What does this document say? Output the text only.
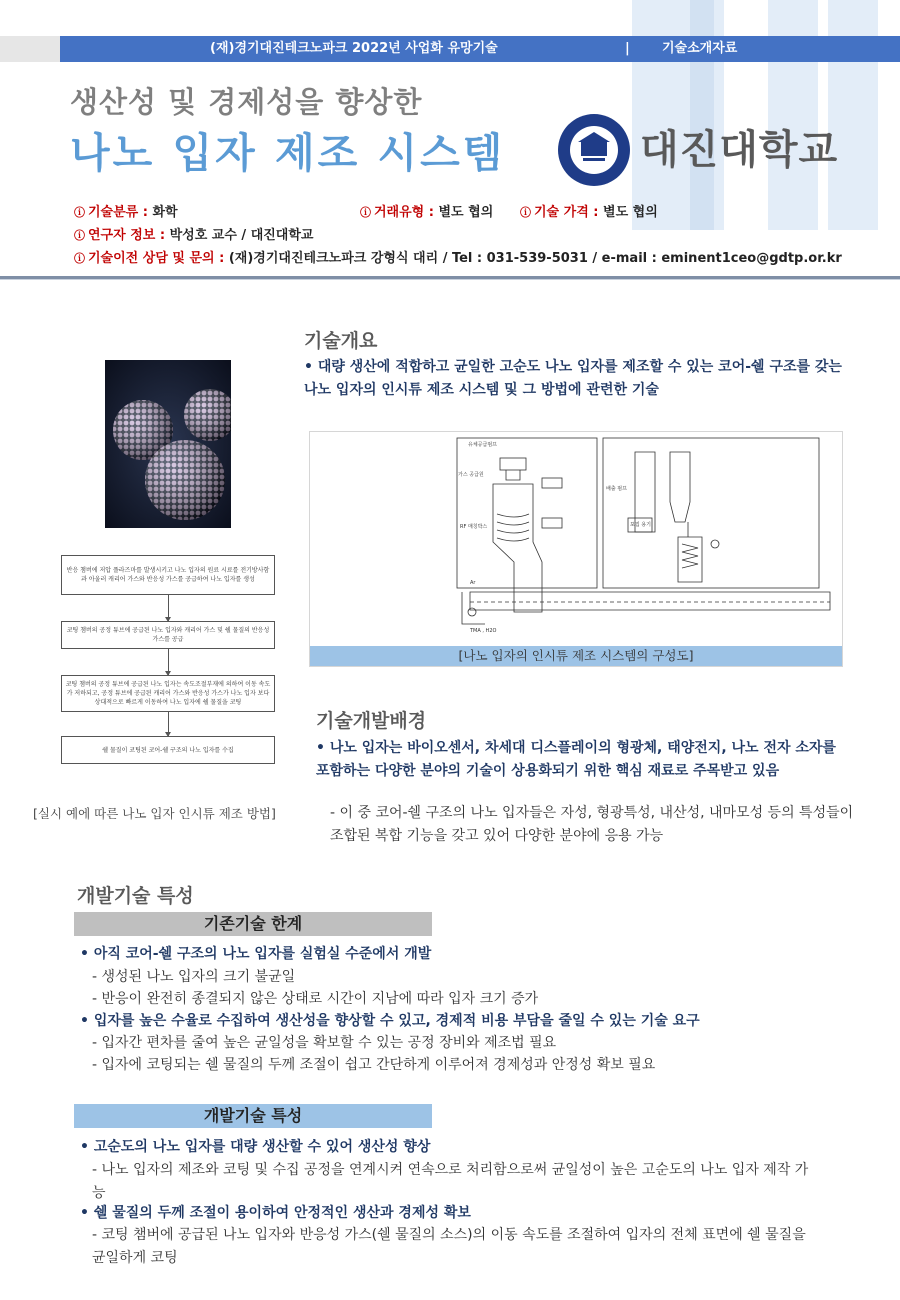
(재)경기대진테크노파크 2022년 사업화 유망기술	| 기술소개자료
생산성 및 경제성을 향상한
나노 입자 제조 시스템	대진대학교
ⓘ 기술분류 : 화학	ⓘ 거래유형 : 별도 협의 ⓘ 기술 가격 : 별도 협의
ⓘ 연구자 정보 : 박성호 교수 / 대진대학교
ⓘ 기술이전 상담 및 문의 : (재)경기대진테크노파크 강형식 대리 / Tel : 031-539-5031 / e-mail : eminent1ceo@gdtp.or.kr
반응 챔버에 저압 플라즈마를 발생시키고 나노 입자의 원료 시료를 전기방사함과 아울러 캐리어 가스와 반응성 가스를 공급하여 나노 입자를 생성
코팅 챔버의 공정 튜브에 공급된 나노 입자와 캐리어 가스 및 쉘 물질의 반응성 가스를 공급
코팅 챔버의 공정 튜브에 공급된 나노 입자는 속도조절부재에 의하여 이동 속도가 저하되고, 공정 튜브에 공급된 캐리어 가스와 반응성 가스가 나노 입자 보다 상대적으로 빠르게 이동하여 나노 입자에 쉘 물질을 코팅
쉘 물질이 코팅된 코어-쉘 구조의 나노 입자를 수집
[실시 예에 따른 나노 입자 인시튜 제조 방법]
기술개요
• 대량 생산에 적합하고 균일한 고순도 나노 입자를 제조할 수 있는 코어-쉘 구조를 갖는 나노 입자의 인시튜 제조 시스템 및 그 방법에 관련한 기술
유체공급펌프
가스 공급원
RF 매칭박스
배출 펌프
포집 용기
Ar
TMA , H2O
[나노 입자의 인시튜 제조 시스템의 구성도]
기술개발배경
• 나노 입자는 바이오센서, 차세대 디스플레이의 형광체, 태양전지, 나노 전자 소자를 포함하는 다양한 분야의 기술이 상용화되기 위한 핵심 재료로 주목받고 있음
- 이 중 코어-쉘 구조의 나노 입자들은 자성, 형광특성, 내산성, 내마모성 등의 특성들이 조합된 복합 기능을 갖고 있어 다양한 분야에 응용 가능
개발기술 특성
기존기술 한계
• 아직 코어-쉘 구조의 나노 입자를 실험실 수준에서 개발
- 생성된 나노 입자의 크기 불균일
- 반응이 완전히 종결되지 않은 상태로 시간이 지남에 따라 입자 크기 증가
• 입자를 높은 수율로 수집하여 생산성을 향상할 수 있고, 경제적 비용 부담을 줄일 수 있는 기술 요구
- 입자간 편차를 줄여 높은 균일성을 확보할 수 있는 공정 장비와 제조법 필요
- 입자에 코팅되는 쉘 물질의 두께 조절이 쉽고 간단하게 이루어져 경제성과 안정성 확보 필요
개발기술 특성
• 고순도의 나노 입자를 대량 생산할 수 있어 생산성 향상
- 나노 입자의 제조와 코팅 및 수집 공정을 연계시켜 연속으로 처리함으로써 균일성이 높은 고순도의 나노 입자 제작 가능
• 쉘 물질의 두께 조절이 용이하여 안정적인 생산과 경제성 확보
- 코팅 챔버에 공급된 나노 입자와 반응성 가스(쉘 물질의 소스)의 이동 속도를 조절하여 입자의 전체 표면에 쉘 물질을 균일하게 코팅
